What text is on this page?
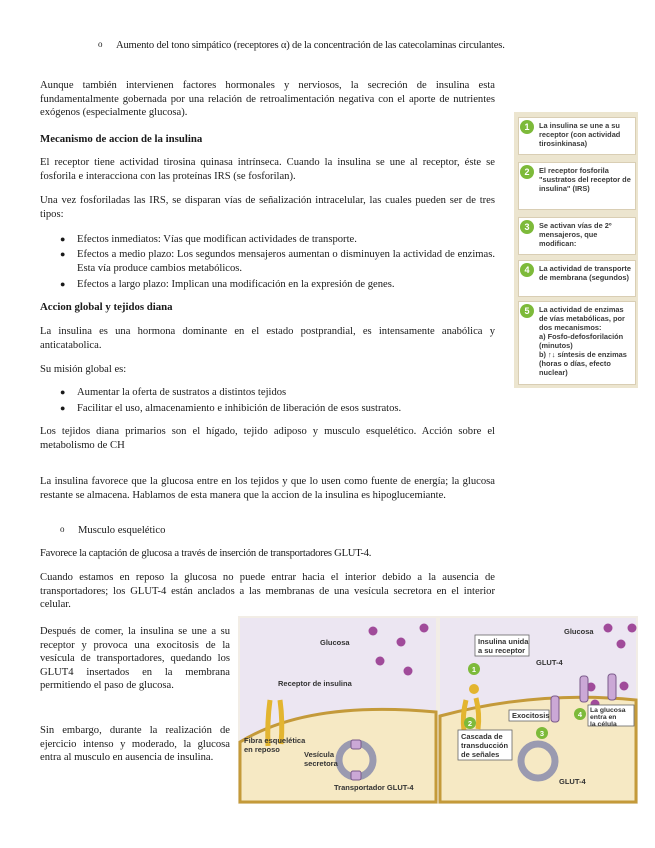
o Aumento del tono simpático (receptores α) de la concentración de las catecolaminas circulantes.

Aunque también intervienen factores hormonales y nerviosos, la secreción de insulina esta fundamentalmente gobernada por una relación de retroalimentación negativa con el aporte de nutrientes exógenos (especialmente glucosa).

Mecanismo de accion de la insulina

El receptor tiene actividad tirosina quinasa intrínseca. Cuando la insulina se une al receptor, éste se fosforila e interacciona con las proteínas IRS (se fosforilan).

Una vez fosforiladas las IRS, se disparan vías de señalización intracelular, las cuales pueden ser de tres tipos:

● Efectos inmediatos: Vías que modifican actividades de transporte.
● Efectos a medio plazo: Los segundos mensajeros aumentan o disminuyen la actividad de enzimas. Esta vía produce cambios metabólicos.
● Efectos a largo plazo: Implican una modificación en la expresión de genes.
Accion global y tejidos diana

La insulina es una hormona dominante en el estado postprandial, es intensamente anabólica y anticatabolica.

Su misión global es:

● Aumentar la oferta de sustratos a distintos tejidos
● Facilitar el uso, almacenamiento e inhibición de liberación de esos sustratos.

Los tejidos diana primarios son el hígado, tejido adiposo y musculo esquelético. Acción sobre el metabolismo de CH

La insulina favorece que la glucosa entre en los tejidos y que lo usen como fuente de energía; la glucosa restante se almacena. Hablamos de esta manera que la accion de la insulina es hipoglucemiante.

o Musculo esquelético

Favorece la captación de glucosa a través de inserción de transportadores GLUT-4.

Cuando estamos en reposo la glucosa no puede entrar hacia el interior debido a la ausencia de transportadores; los GLUT-4 están anclados a las membranas de una vesícula secretora en el interior celular.

Después de comer, la insulina se une a su receptor y provoca una exocitosis de la vesícula de transportadores, quedando los GLUT4 insertados en la membrana permitiendo el paso de glucosa.

Sin embargo, durante la realización de ejercicio intenso y moderado, la glucosa entra al musculo en ausencia de insulina.

1	La insulina se une a su receptor (con actividad tirosinkinasa)
2	El receptor fosforila "sustratos del receptor de insulina" (IRS)
3	Se activan vías de 2º mensajeros, que modifican:
4	La actividad de transporte de membrana (segundos)
5	La actividad de enzimas de vías metabólicas, por dos mecanismos:
a) Fosfo-defosforilación (minutos)
b) ↑↓ síntesis de enzimas (horas o días, efecto nuclear)
Glucosa
Receptor de insulina
Fibra esquelética en reposo
Vesícula secretora
Transportador GLUT-4
Insulina unida a su receptor
Glucosa
GLUT-4
Exocitosis
Cascada de transducción de señales
La glucosa entra en la célula
GLUT-4
1
2
3
4
